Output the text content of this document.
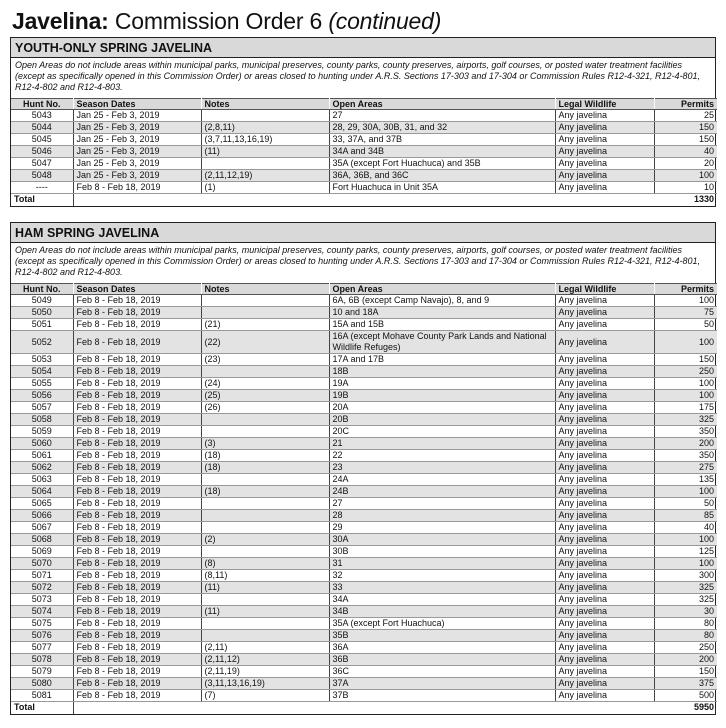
Javelina: Commission Order 6 (continued)
YOUTH-ONLY SPRING JAVELINA
Open Areas do not include areas within municipal parks, municipal preserves, county parks, county preserves, airports, golf courses, or posted water treatment facilities (except as specifically opened in this Commission Order) or areas closed to hunting under A.R.S. Sections 17-303 and 17-304 or Commission Rules R12-4-321, R12-4-801, R12-4-802 and R12-4-803.
Hunt No.	Season Dates	Notes	Open Areas	Legal Wildlife	Permits
5043	Jan 25 - Feb 3, 2019		27	Any javelina	25
5044	Jan 25 - Feb 3, 2019	(2,8,11)	28, 29, 30A, 30B, 31, and 32	Any javelina	150
5045	Jan 25 - Feb 3, 2019	(3,7,11,13,16,19)	33, 37A, and 37B	Any javelina	150
5046	Jan 25 - Feb 3, 2019	(11)	34A and 34B	Any javelina	40
5047	Jan 25 - Feb 3, 2019		35A (except Fort Huachuca) and 35B	Any javelina	20
5048	Jan 25 - Feb 3, 2019	(2,11,12,19)	36A, 36B, and 36C	Any javelina	100
----	Feb 8 - Feb 18, 2019	(1)	Fort Huachuca in Unit 35A	Any javelina	10
Total					1330
HAM SPRING JAVELINA
Open Areas do not include areas within municipal parks, municipal preserves, county parks, county preserves, airports, golf courses, or posted water treatment facilities (except as specifically opened in this Commission Order) or areas closed to hunting under A.R.S. Sections 17-303 and 17-304 or Commission Rules R12-4-321, R12-4-801, R12-4-802 and R12-4-803.
Hunt No.	Season Dates	Notes	Open Areas	Legal Wildlife	Permits
5049	Feb 8 - Feb 18, 2019		6A, 6B (except Camp Navajo), 8, and 9	Any javelina	100
5050	Feb 8 - Feb 18, 2019		10 and 18A	Any javelina	75
5051	Feb 8 - Feb 18, 2019	(21)	15A and 15B	Any javelina	50
5052	Feb 8 - Feb 18, 2019	(22)	16A (except Mohave County Park Lands and National Wildlife Refuges)	Any javelina	100
5053	Feb 8 - Feb 18, 2019	(23)	17A and 17B	Any javelina	150
5054	Feb 8 - Feb 18, 2019		18B	Any javelina	250
5055	Feb 8 - Feb 18, 2019	(24)	19A	Any javelina	100
5056	Feb 8 - Feb 18, 2019	(25)	19B	Any javelina	100
5057	Feb 8 - Feb 18, 2019	(26)	20A	Any javelina	175
5058	Feb 8 - Feb 18, 2019		20B	Any javelina	325
5059	Feb 8 - Feb 18, 2019		20C	Any javelina	350
5060	Feb 8 - Feb 18, 2019	(3)	21	Any javelina	200
5061	Feb 8 - Feb 18, 2019	(18)	22	Any javelina	350
5062	Feb 8 - Feb 18, 2019	(18)	23	Any javelina	275
5063	Feb 8 - Feb 18, 2019		24A	Any javelina	135
5064	Feb 8 - Feb 18, 2019	(18)	24B	Any javelina	100
5065	Feb 8 - Feb 18, 2019		27	Any javelina	50
5066	Feb 8 - Feb 18, 2019		28	Any javelina	85
5067	Feb 8 - Feb 18, 2019		29	Any javelina	40
5068	Feb 8 - Feb 18, 2019	(2)	30A	Any javelina	100
5069	Feb 8 - Feb 18, 2019		30B	Any javelina	125
5070	Feb 8 - Feb 18, 2019	(8)	31	Any javelina	100
5071	Feb 8 - Feb 18, 2019	(8,11)	32	Any javelina	300
5072	Feb 8 - Feb 18, 2019	(11)	33	Any javelina	325
5073	Feb 8 - Feb 18, 2019		34A	Any javelina	325
5074	Feb 8 - Feb 18, 2019	(11)	34B	Any javelina	30
5075	Feb 8 - Feb 18, 2019		35A (except Fort Huachuca)	Any javelina	80
5076	Feb 8 - Feb 18, 2019		35B	Any javelina	80
5077	Feb 8 - Feb 18, 2019	(2,11)	36A	Any javelina	250
5078	Feb 8 - Feb 18, 2019	(2,11,12)	36B	Any javelina	200
5079	Feb 8 - Feb 18, 2019	(2,11,19)	36C	Any javelina	150
5080	Feb 8 - Feb 18, 2019	(3,11,13,16,19)	37A	Any javelina	375
5081	Feb 8 - Feb 18, 2019	(7)	37B	Any javelina	500
Total					5950
